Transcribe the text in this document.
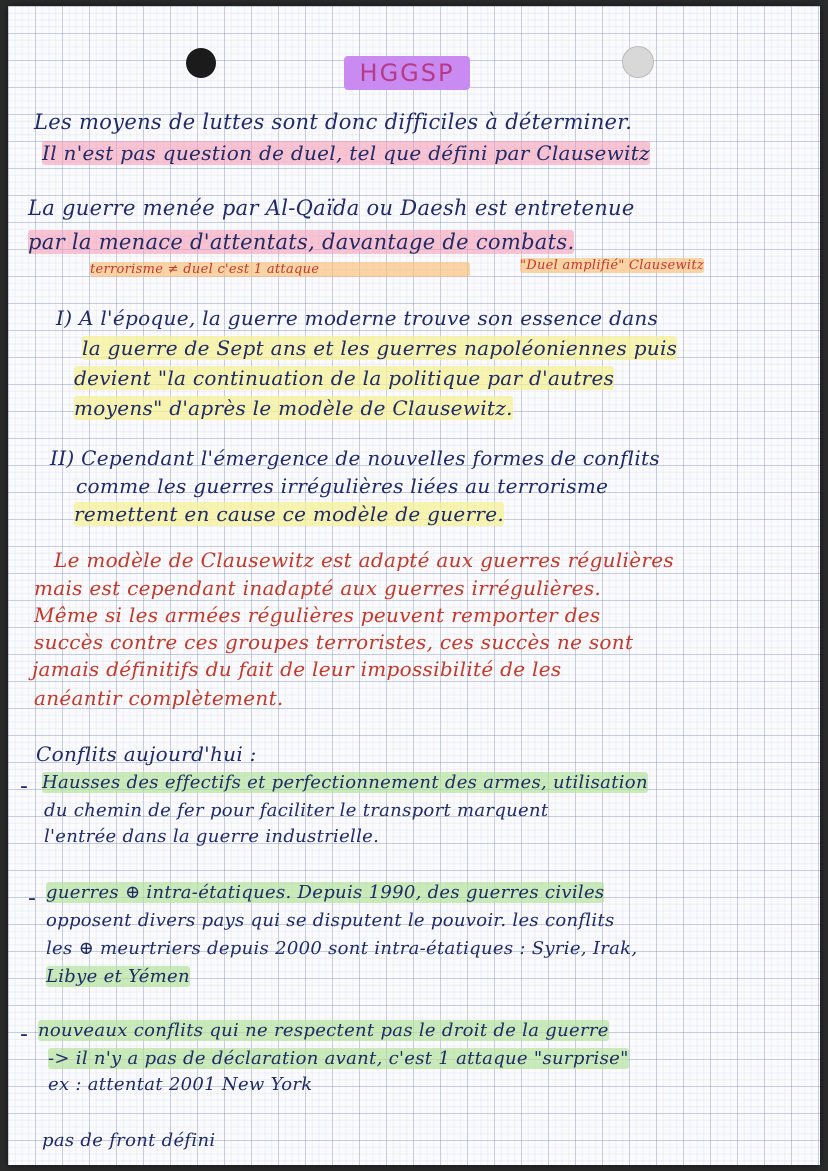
HGGSP
Les moyens de luttes sont donc difficiles à déterminer.
Il n'est pas question de duel, tel que défini par Clausewitz
La guerre menée par Al-Qaïda ou Daesh est entretenue
par la menace d'attentats, davantage de combats.
terrorisme ≠ duel c'est 1 attaque	"Duel amplifié" Clausewitz
I) A l'époque, la guerre moderne trouve son essence dans
la guerre de Sept ans et les guerres napoléoniennes puis
devient "la continuation de la politique par d'autres
moyens" d'après le modèle de Clausewitz.
II) Cependant l'émergence de nouvelles formes de conflits
comme les guerres irrégulières liées au terrorisme
remettent en cause ce modèle de guerre.
Le modèle de Clausewitz est adapté aux guerres régulières
mais est cependant inadapté aux guerres irrégulières.
Même si les armées régulières peuvent remporter des
succès contre ces groupes terroristes, ces succès ne sont
jamais définitifs du fait de leur impossibilité de les
anéantir complètement.
Conflits aujourd'hui :
- Hausses des effectifs et perfectionnement des armes, utilisation
du chemin de fer pour faciliter le transport marquent
l'entrée dans la guerre industrielle.
- guerres ⊕ intra-étatiques. Depuis 1990, des guerres civiles
opposent divers pays qui se disputent le pouvoir. les conflits
les ⊕ meurtriers depuis 2000 sont intra-étatiques : Syrie, Irak,
Libye et Yémen
- nouveaux conflits qui ne respectent pas le droit de la guerre
-> il n'y a pas de déclaration avant, c'est 1 attaque "surprise"
ex : attentat 2001 New York
pas de front défini
